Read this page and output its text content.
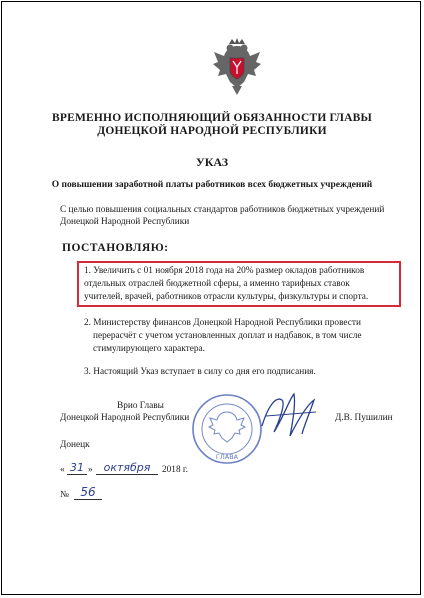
ВРЕМЕННО ИСПОЛНЯЮЩИЙ ОБЯЗАННОСТИ ГЛАВЫ
ДОНЕЦКОЙ НАРОДНОЙ РЕСПУБЛИКИ
УКАЗ
О повышении заработной платы работников всех бюджетных учреждений
С целью повышения социальных стандартов работников бюджетных учреждений
Донецкой Народной Республики
ПОСТАНОВЛЯЮ:
1. Увеличить с 01 ноября 2018 года на 20% размер окладов работников
отдельных отраслей бюджетной сферы, а именно тарифных ставок
учителей, врачей, работников отрасли культуры, физкультуры и спорта.
2. Министерству финансов Донецкой Народной Республики провести
перерасчёт с учетом установленных доплат и надбавок, в том числе
стимулирующего характера.
3. Настоящий Указ вступает в силу со дня его подписания.
ГЛАВА
Врио Главы
Донецкой Народной Республики	Д.В. Пушилин
Донецк
« 31 » октября	2018 г.
№ 56
